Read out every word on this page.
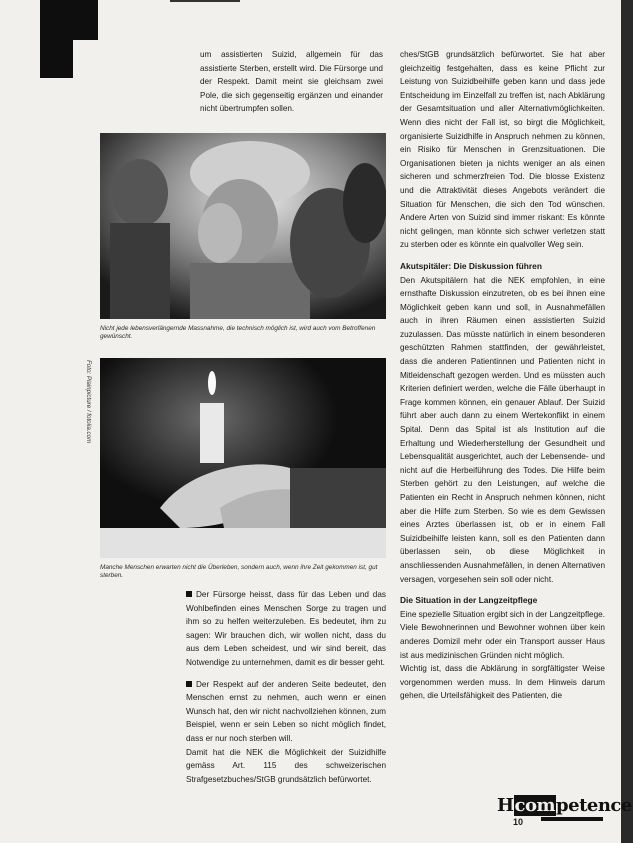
um assistierten Suizid, allgemein für das assistierte Sterben, erstellt wird. Die Fürsorge und der Respekt. Damit meint sie gleichsam zwei Pole, die sich gegenseitig ergänzen und einander nicht übertrumpfen sollen.

Nicht jede lebensverlängernde Massnahme, die technisch möglich ist, wird auch vom Betroffenen gewünscht.
Foto: Plainpicture / fotolia.com
Manche Menschen erwarten nicht die Überleben, sondern auch, wenn ihre Zeit gekommen ist, gut sterben.

Der Fürsorge heisst, dass für das Leben und das Wohlbefinden eines Menschen Sorge zu tragen und ihm so zu helfen weiterzuleben. Es bedeutet, ihm zu sagen: Wir brauchen dich, wir wollen nicht, dass du aus dem Leben scheidest, und wir sind bereit, das Notwendige zu unternehmen, damit es dir besser geht.

Der Respekt auf der anderen Seite bedeutet, den Menschen ernst zu nehmen, auch wenn er einen Wunsch hat, den wir nicht nachvollziehen können, zum Beispiel, wenn er sein Leben so nicht möglich findet, dass er nur noch sterben will.

Damit hat die NEK die Möglichkeit der Suizidhilfe gemäss Art. 115 des schweizerischen Strafgesetzbuches/StGB grundsätzlich befürwortet.

ches/StGB grundsätzlich befürwortet. Sie hat aber gleichzeitig festgehalten, dass es keine Pflicht zur Leistung von Suizidbeihilfe geben kann und dass jede Entscheidung im Einzelfall zu treffen ist, nach Abklärung der Gesamtsituation und aller Alternativmöglichkeiten. Wenn dies nicht der Fall ist, so birgt die Möglichkeit, organisierte Suizidhilfe in Anspruch nehmen zu können, ein Risiko für Menschen in Grenzsituationen. Die Organisationen bieten ja nichts weniger an als einen sicheren und schmerzfreien Tod. Die blosse Existenz und die Attraktivität dieses Angebots verändert die Situation für Menschen, die sich den Tod wünschen. Andere Arten von Suizid sind immer riskant: Es könnte nicht gelingen, man könnte sich schwer verletzen statt zu sterben oder es könnte ein qualvoller Weg sein.

Akutspitäler: Die Diskussion führen

Den Akutspitälern hat die NEK empfohlen, in eine ernsthafte Diskussion einzutreten, ob es bei ihnen eine Möglichkeit geben kann und soll, in Ausnahmefällen auch in ihren Räumen einen assistierten Suizid zuzulassen. Das müsste natürlich in einem besonderen geschützten Rahmen stattfinden, der gewährleistet, dass die anderen Patientinnen und Patienten nicht in Mitleidenschaft gezogen werden. Und es müssten auch Kriterien definiert werden, welche die Fälle überhaupt in Frage kommen können, ein genauer Ablauf. Der Suizid führt aber auch dann zu einem Wertekonflikt in einem Spital. Denn das Spital ist als Institution auf die Erhaltung und Wiederherstellung der Gesundheit und Lebensqualität ausgerichtet, auch der Lebensende- und nicht auf die Herbeiführung des Todes. Die Hilfe beim Sterben gehört zu den Leistungen, auf welche die Patienten ein Recht in Anspruch nehmen können, nicht aber die Hilfe zum Sterben. So wie es dem Gewissen eines Arztes überlassen ist, ob er in einem Fall Suizidbeihilfe leisten kann, soll es den Patienten dann überlassen sein, ob diese Möglichkeit in anschliessenden Ausnahmefällen, in denen Alternativen versagen, vorgesehen sein soll oder nicht.

Die Situation in der Langzeitpflege

Eine spezielle Situation ergibt sich in der Langzeitpflege. Viele Bewohnerinnen und Bewohner wohnen über kein anderes Domizil mehr oder ein Transport ausser Haus ist aus medizinischen Gründen nicht möglich.

Wichtig ist, dass die Abklärung in sorgfältigster Weise vorgenommen werden muss. In dem Hinweis darum gehen, die Urteilsfähigkeit des Patienten, die

Hcompetence
10
